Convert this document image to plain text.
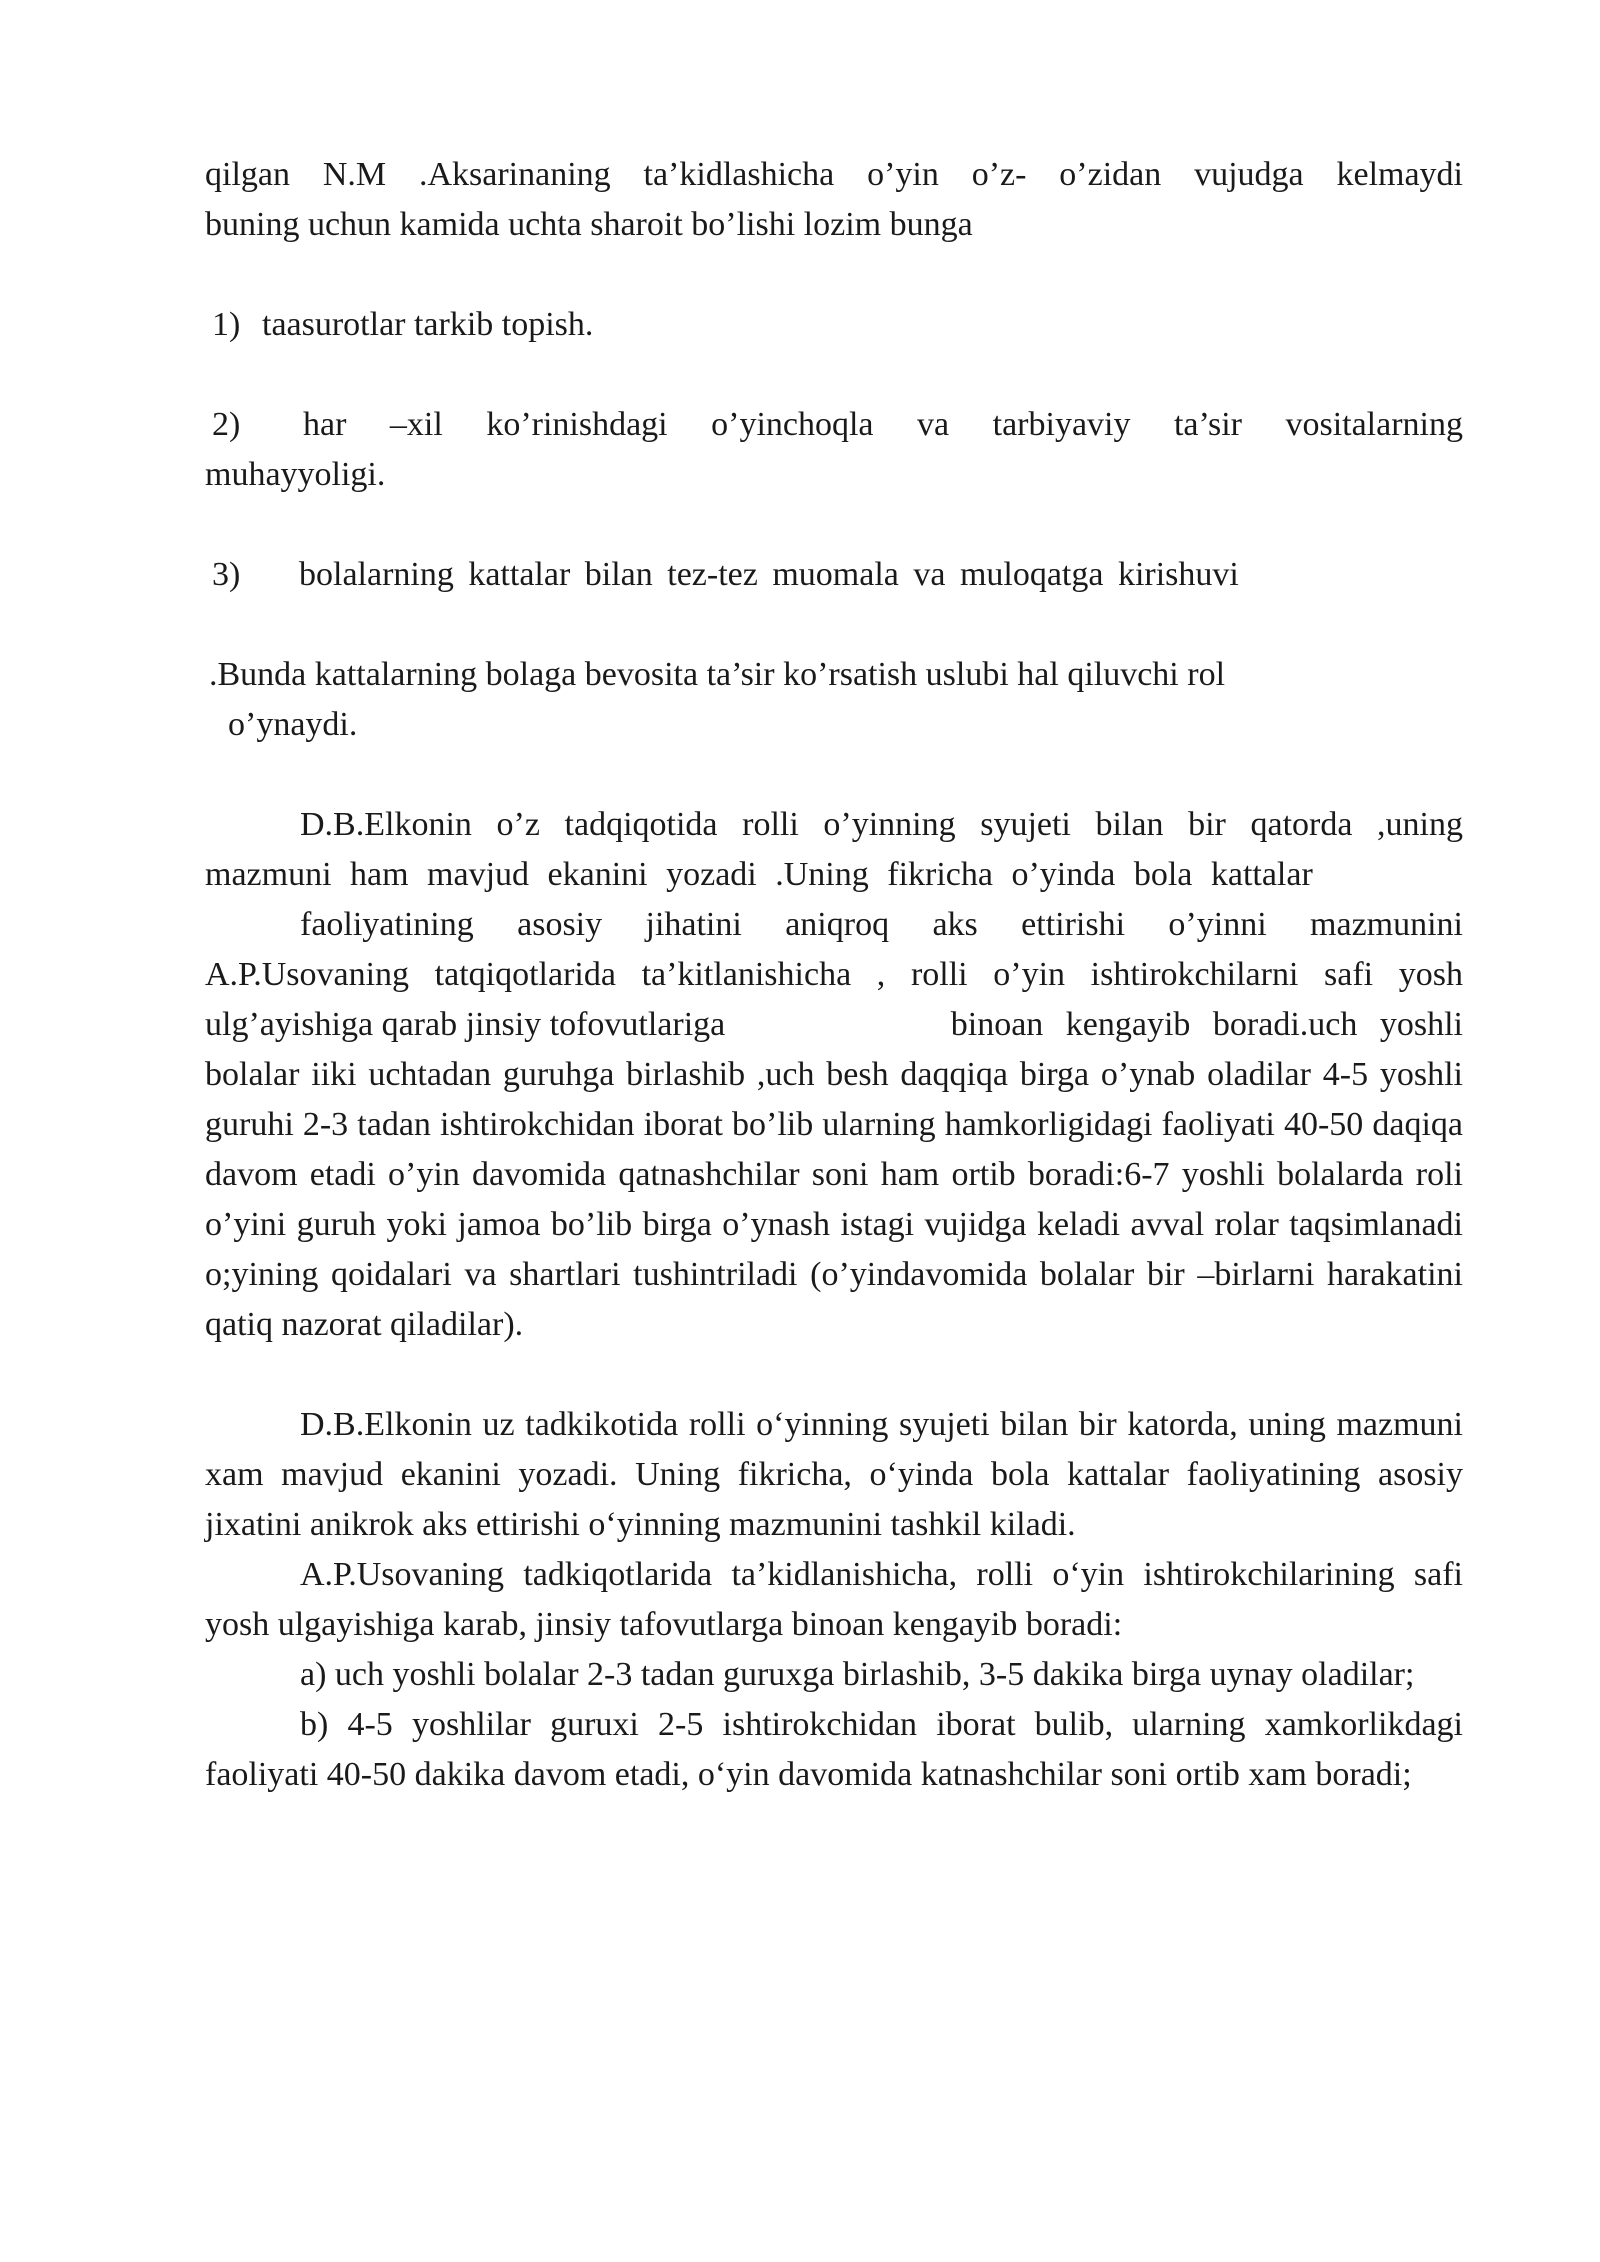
qilgan N.M .Aksarinaning ta’kidlashicha o’yin o’z- o’zidan vujudga kelmaydi

buning uchun kamida uchta sharoit bo’lishi lozim bunga

1) taasurotlar tarkib topish.
2)	har –xil ko’rinishdagi o’yinchoqla va tarbiyaviy ta’sir vositalarning

muhayyoligi.

3)	bolalarning kattalar bilan tez-tez muomala va muloqatga kirishuvi

.Bunda kattalarning bolaga bevosita ta’sir ko’rsatish uslubi hal qiluvchi rol

o’ynaydi.

D.B.Elkonin o’z tadqiqotida rolli o’yinning syujeti bilan bir qatorda ,uning

mazmuni ham mavjud ekanini yozadi .Uning fikricha o’yinda bola kattalar

faoliyatining asosiy jihatini aniqroq aks ettirishi o’yinni mazmunini

A.P.Usovaning tatqiqotlarida ta’kitlanishicha , rolli o’yin ishtirokchilarni safi yosh

ulg’ayishiga qarab jinsiy tofovutlariga	binoan kengayib boradi.uch yoshli

bolalar iiki uchtadan guruhga birlashib ,uch besh daqqiqa birga o’ynab oladilar 4-5 yoshli guruhi 2-3 tadan ishtirokchidan iborat bo’lib ularning hamkorligidagi faoliyati 40-50 daqiqa davom etadi o’yin davomida qatnashchilar soni ham ortib boradi:6-7 yoshli bolalarda roli o’yini guruh yoki jamoa bo’lib birga o’ynash istagi vujidga keladi avval rolar taqsimlanadi o;yining qoidalari va shartlari tushintriladi (o’yindavomida bolalar bir –birlarni harakatini qatiq nazorat qiladilar).

D.B.Elkonin uz tadkikotida rolli o‘yinning syujeti bilan bir katorda, uning mazmuni xam mavjud ekanini yozadi. Uning fikricha, o‘yinda bola kattalar faoliyatining asosiy jixatini anikrok aks ettirishi o‘yinning mazmunini tashkil kiladi.

A.P.Usovaning tadkiqotlarida ta’kidlanishicha, rolli o‘yin ishtirokchilarining safi yosh ulgayishiga karab, jinsiy tafovutlarga binoan kengayib boradi:

a) uch yoshli bolalar 2-3 tadan guruxga birlashib, 3-5 dakika birga uynay oladilar;

b) 4-5 yoshlilar guruxi 2-5 ishtirokchidan iborat bulib, ularning xamkorlikdagi faoliyati 40-50 dakika davom etadi, o‘yin davomida katnashchilar soni ortib xam boradi;
